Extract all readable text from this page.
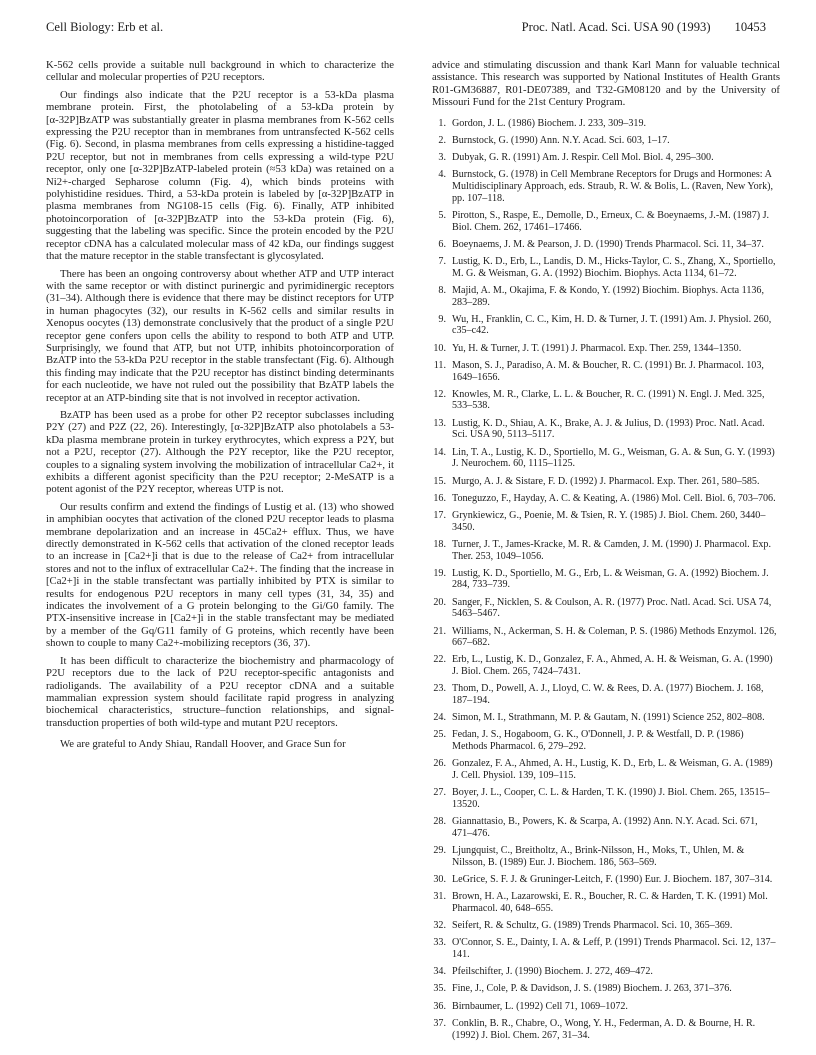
Cell Biology: Erb et al.	Proc. Natl. Acad. Sci. USA 90 (1993) 10453

K-562 cells provide a suitable null background in which to characterize the cellular and molecular properties of P2U receptors.

Our findings also indicate that the P2U receptor is a 53-kDa plasma membrane protein. First, the photolabeling of a 53-kDa protein by [α-32P]BzATP was substantially greater in plasma membranes from K-562 cells expressing the P2U receptor than in membranes from untransfected K-562 cells (Fig. 6). Second, in plasma membranes from cells expressing a histidine-tagged P2U receptor, but not in membranes from cells expressing a wild-type P2U receptor, only one [α-32P]BzATP-labeled protein (≈53 kDa) was retained on a Ni2+-charged Sepharose column (Fig. 4), which binds proteins with polyhistidine residues. Third, a 53-kDa protein is labeled by [α-32P]BzATP in plasma membranes from NG108-15 cells (Fig. 6). Finally, ATP inhibited photoincorporation of [α-32P]BzATP into the 53-kDa protein (Fig. 6), suggesting that the labeling was specific. Since the protein encoded by the P2U receptor cDNA has a calculated molecular mass of 42 kDa, our findings suggest that the mature receptor in the stable transfectant is glycosylated.

There has been an ongoing controversy about whether ATP and UTP interact with the same receptor or with distinct purinergic and pyrimidinergic receptors (31–34). Although there is evidence that there may be distinct receptors for UTP in human phagocytes (32), our results in K-562 cells and similar results in Xenopus oocytes (13) demonstrate conclusively that the product of a single P2U receptor gene confers upon cells the ability to respond to both ATP and UTP. Surprisingly, we found that ATP, but not UTP, inhibits photoincorporation of BzATP into the 53-kDa P2U receptor in the stable transfectant (Fig. 6). Although this finding may indicate that the P2U receptor has distinct binding determinants for each nucleotide, we have not ruled out the possibility that BzATP labels the receptor at an ATP-binding site that is not involved in receptor activation.

BzATP has been used as a probe for other P2 receptor subclasses including P2Y (27) and P2Z (22, 26). Interestingly, [α-32P]BzATP also photolabels a 53-kDa plasma membrane protein in turkey erythrocytes, which express a P2Y, but not a P2U, receptor (27). Although the P2Y receptor, like the P2U receptor, couples to a signaling system involving the mobilization of intracellular Ca2+, it exhibits a different agonist specificity than the P2U receptor; 2-MeSATP is a potent agonist of the P2Y receptor, whereas UTP is not.

Our results confirm and extend the findings of Lustig et al. (13) who showed in amphibian oocytes that activation of the cloned P2U receptor leads to plasma membrane depolarization and an increase in 45Ca2+ efflux. Thus, we have directly demonstrated in K-562 cells that activation of the cloned receptor leads to an increase in [Ca2+]i that is due to the release of Ca2+ from intracellular stores and not to the influx of extracellular Ca2+. The finding that the increase in [Ca2+]i in the stable transfectant was partially inhibited by PTX is similar to results for endogenous P2U receptors in many cell types (31, 34, 35) and indicates the involvement of a G protein belonging to the Gi/G0 family. The PTX-insensitive increase in [Ca2+]i in the stable transfectant may be mediated by a member of the Gq/G11 family of G proteins, which recently have been shown to couple to many Ca2+-mobilizing receptors (36, 37).

It has been difficult to characterize the biochemistry and pharmacology of P2U receptors due to the lack of P2U receptor-specific antagonists and radioligands. The availability of a P2U receptor cDNA and a suitable mammalian expression system should facilitate rapid progress in analyzing biochemical characteristics, structure–function relationships, and signal-transduction properties of both wild-type and mutant P2U receptors.

We are grateful to Andy Shiau, Randall Hoover, and Grace Sun for

advice and stimulating discussion and thank Karl Mann for valuable technical assistance. This research was supported by National Institutes of Health Grants R01-GM36887, R01-DE07389, and T32-GM08120 and by the University of Missouri Fund for the 21st Century Program.

1. Gordon, J. L. (1986) Biochem. J. 233, 309–319.
2. Burnstock, G. (1990) Ann. N.Y. Acad. Sci. 603, 1–17.
3. Dubyak, G. R. (1991) Am. J. Respir. Cell Mol. Biol. 4, 295–300.
4. Burnstock, G. (1978) in Cell Membrane Receptors for Drugs and Hormones: A Multidisciplinary Approach, eds. Straub, R. W. & Bolis, L. (Raven, New York), pp. 107–118.
5. Pirotton, S., Raspe, E., Demolle, D., Erneux, C. & Boeynaems, J.-M. (1987) J. Biol. Chem. 262, 17461–17466.
6. Boeynaems, J. M. & Pearson, J. D. (1990) Trends Pharmacol. Sci. 11, 34–37.
7. Lustig, K. D., Erb, L., Landis, D. M., Hicks-Taylor, C. S., Zhang, X., Sportiello, M. G. & Weisman, G. A. (1992) Biochim. Biophys. Acta 1134, 61–72.
8. Majid, A. M., Okajima, F. & Kondo, Y. (1992) Biochim. Biophys. Acta 1136, 283–289.
9. Wu, H., Franklin, C. C., Kim, H. D. & Turner, J. T. (1991) Am. J. Physiol. 260, c35–c42.
10. Yu, H. & Turner, J. T. (1991) J. Pharmacol. Exp. Ther. 259, 1344–1350.
11. Mason, S. J., Paradiso, A. M. & Boucher, R. C. (1991) Br. J. Pharmacol. 103, 1649–1656.
12. Knowles, M. R., Clarke, L. L. & Boucher, R. C. (1991) N. Engl. J. Med. 325, 533–538.
13. Lustig, K. D., Shiau, A. K., Brake, A. J. & Julius, D. (1993) Proc. Natl. Acad. Sci. USA 90, 5113–5117.
14. Lin, T. A., Lustig, K. D., Sportiello, M. G., Weisman, G. A. & Sun, G. Y. (1993) J. Neurochem. 60, 1115–1125.
15. Murgo, A. J. & Sistare, F. D. (1992) J. Pharmacol. Exp. Ther. 261, 580–585.
16. Toneguzzo, F., Hayday, A. C. & Keating, A. (1986) Mol. Cell. Biol. 6, 703–706.
17. Grynkiewicz, G., Poenie, M. & Tsien, R. Y. (1985) J. Biol. Chem. 260, 3440–3450.
18. Turner, J. T., James-Kracke, M. R. & Camden, J. M. (1990) J. Pharmacol. Exp. Ther. 253, 1049–1056.
19. Lustig, K. D., Sportiello, M. G., Erb, L. & Weisman, G. A. (1992) Biochem. J. 284, 733–739.
20. Sanger, F., Nicklen, S. & Coulson, A. R. (1977) Proc. Natl. Acad. Sci. USA 74, 5463–5467.
21. Williams, N., Ackerman, S. H. & Coleman, P. S. (1986) Methods Enzymol. 126, 667–682.
22. Erb, L., Lustig, K. D., Gonzalez, F. A., Ahmed, A. H. & Weisman, G. A. (1990) J. Biol. Chem. 265, 7424–7431.
23. Thom, D., Powell, A. J., Lloyd, C. W. & Rees, D. A. (1977) Biochem. J. 168, 187–194.
24. Simon, M. I., Strathmann, M. P. & Gautam, N. (1991) Science 252, 802–808.
25. Fedan, J. S., Hogaboom, G. K., O'Donnell, J. P. & Westfall, D. P. (1986) Methods Pharmacol. 6, 279–292.
26. Gonzalez, F. A., Ahmed, A. H., Lustig, K. D., Erb, L. & Weisman, G. A. (1989) J. Cell. Physiol. 139, 109–115.
27. Boyer, J. L., Cooper, C. L. & Harden, T. K. (1990) J. Biol. Chem. 265, 13515–13520.
28. Giannattasio, B., Powers, K. & Scarpa, A. (1992) Ann. N.Y. Acad. Sci. 671, 471–476.
29. Ljungquist, C., Breitholtz, A., Brink-Nilsson, H., Moks, T., Uhlen, M. & Nilsson, B. (1989) Eur. J. Biochem. 186, 563–569.
30. LeGrice, S. F. J. & Gruninger-Leitch, F. (1990) Eur. J. Biochem. 187, 307–314.
31. Brown, H. A., Lazarowski, E. R., Boucher, R. C. & Harden, T. K. (1991) Mol. Pharmacol. 40, 648–655.
32. Seifert, R. & Schultz, G. (1989) Trends Pharmacol. Sci. 10, 365–369.
33. O'Connor, S. E., Dainty, I. A. & Leff, P. (1991) Trends Pharmacol. Sci. 12, 137–141.
34. Pfeilschifter, J. (1990) Biochem. J. 272, 469–472.
35. Fine, J., Cole, P. & Davidson, J. S. (1989) Biochem. J. 263, 371–376.
36. Birnbaumer, L. (1992) Cell 71, 1069–1072.
37. Conklin, B. R., Chabre, O., Wong, Y. H., Federman, A. D. & Bourne, H. R. (1992) J. Biol. Chem. 267, 31–34.
